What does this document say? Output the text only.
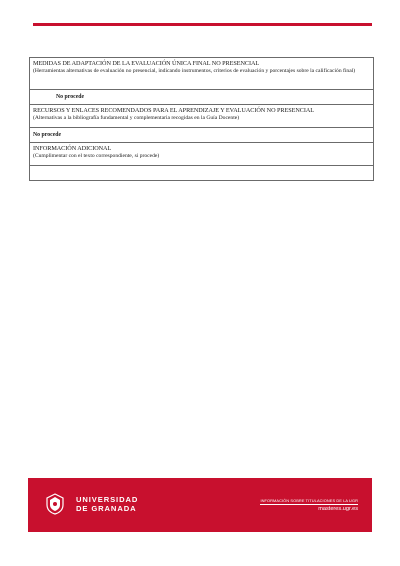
MEDIDAS DE ADAPTACIÓN DE LA EVALUACIÓN ÚNICA FINAL NO PRESENCIAL
(Herramientas alternativas de evaluación no presencial, indicando instrumentos, criterios de evaluación y porcentajes sobre la calificación final)
No procede
RECURSOS Y ENLACES RECOMENDADOS PARA EL APRENDIZAJE Y EVALUACIÓN NO PRESENCIAL
(Alternativas a la bibliografía fundamental y complementaria recogidas en la Guía Docente)
No procede
INFORMACIÓN ADICIONAL
(Cumplimentar con el texto correspondiente, si procede)
UNIVERSIDAD
DE GRANADA
INFORMACIÓN SOBRE TITULACIONES DE LA UGR
masteres.ugr.es
